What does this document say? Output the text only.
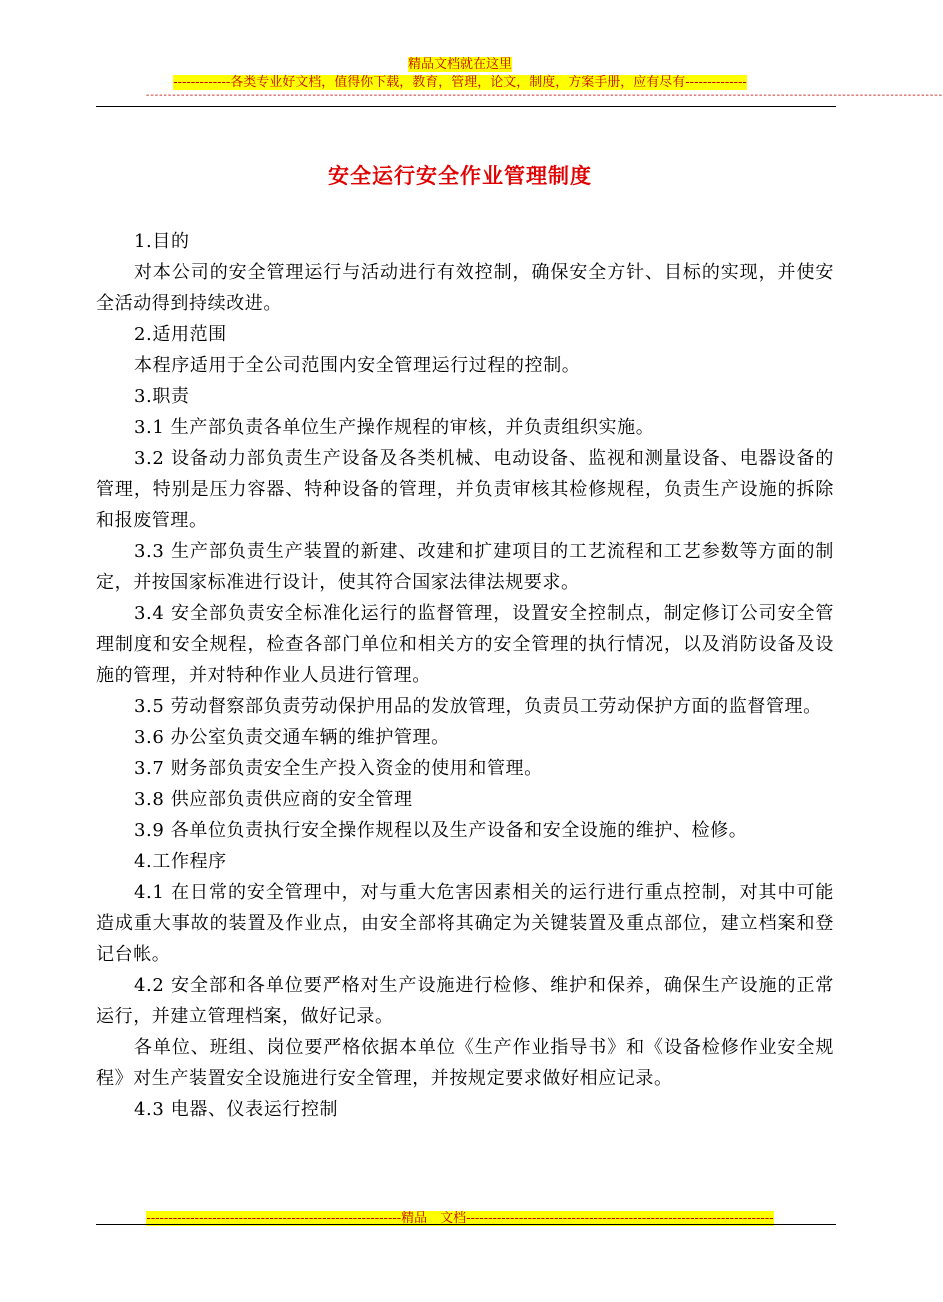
精品文档就在这里
-------------各类专业好文档，值得你下载，教育，管理，论文，制度，方案手册，应有尽有--------------
--------------------------------------------------------------------------------------------------------------------------------------------------------------------------------------
安全运行安全作业管理制度

1.目的

对本公司的安全管理运行与活动进行有效控制，确保安全方针、目标的实现，并使安全活动得到持续改进。

2.适用范围

本程序适用于全公司范围内安全管理运行过程的控制。

3.职责

3.1 生产部负责各单位生产操作规程的审核，并负责组织实施。

3.2 设备动力部负责生产设备及各类机械、电动设备、监视和测量设备、电器设备的管理，特别是压力容器、特种设备的管理，并负责审核其检修规程，负责生产设施的拆除和报废管理。

3.3 生产部负责生产装置的新建、改建和扩建项目的工艺流程和工艺参数等方面的制定，并按国家标准进行设计，使其符合国家法律法规要求。

3.4 安全部负责安全标准化运行的监督管理，设置安全控制点，制定修订公司安全管理制度和安全规程，检查各部门单位和相关方的安全管理的执行情况，以及消防设备及设施的管理，并对特种作业人员进行管理。

3.5 劳动督察部负责劳动保护用品的发放管理，负责员工劳动保护方面的监督管理。

3.6 办公室负责交通车辆的维护管理。

3.7 财务部负责安全生产投入资金的使用和管理。

3.8 供应部负责供应商的安全管理

3.9 各单位负责执行安全操作规程以及生产设备和安全设施的维护、检修。

4.工作程序

4.1 在日常的安全管理中，对与重大危害因素相关的运行进行重点控制，对其中可能造成重大事故的装置及作业点，由安全部将其确定为关键装置及重点部位，建立档案和登记台帐。

4.2 安全部和各单位要严格对生产设施进行检修、维护和保养，确保生产设施的正常运行，并建立管理档案，做好记录。

各单位、班组、岗位要严格依据本单位《生产作业指导书》和《设备检修作业安全规程》对生产装置安全设施进行安全管理，并按规定要求做好相应记录。

4.3 电器、仪表运行控制

----------------------------------------------------------精品　文档----------------------------------------------------------------------
